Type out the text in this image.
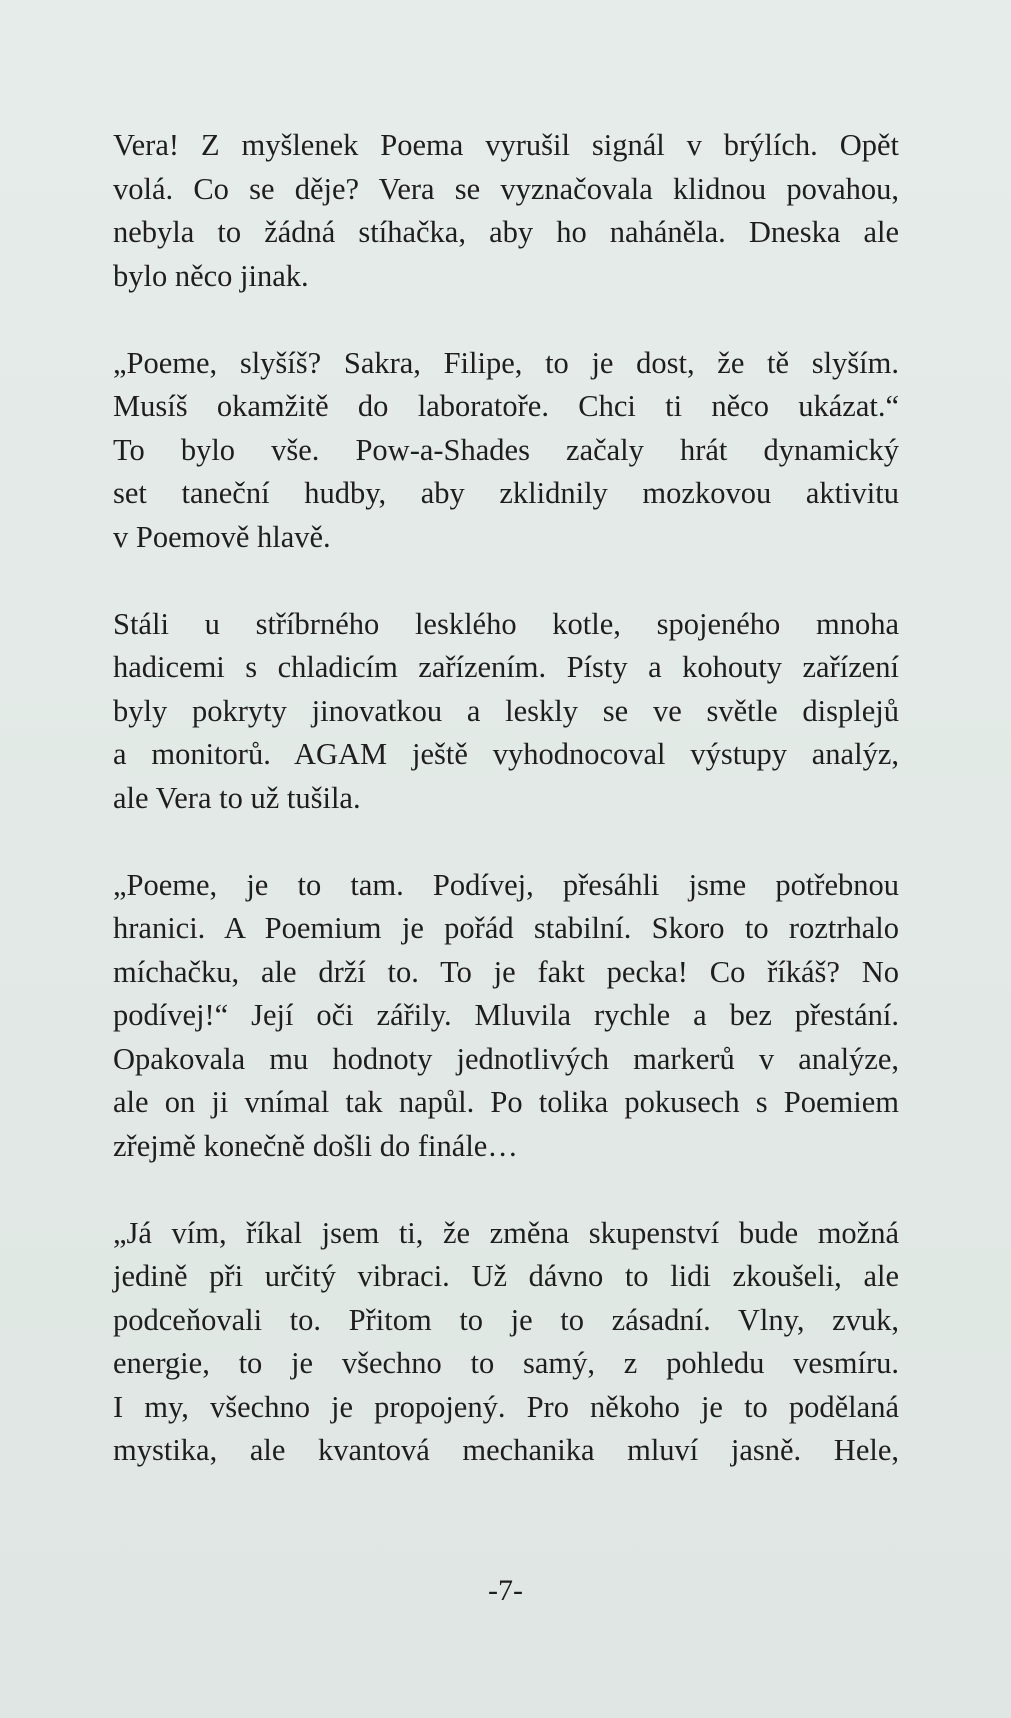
Vera! Z myšlenek Poema vyrušil signál v brýlích. Opět
volá. Co se děje? Vera se vyznačovala klidnou povahou,
nebyla to žádná stíhačka, aby ho naháněla. Dneska ale
bylo něco jinak.
„Poeme, slyšíš? Sakra, Filipe, to je dost, že tě slyším.
Musíš okamžitě do laboratoře. Chci ti něco ukázat.“
To bylo vše. Pow-a-Shades začaly hrát dynamický
set taneční hudby, aby zklidnily mozkovou aktivitu
v Poemově hlavě.
Stáli u stříbrného lesklého kotle, spojeného mnoha
hadicemi s chladicím zařízením. Písty a kohouty zařízení
byly pokryty jinovatkou a leskly se ve světle displejů
a monitorů. AGAM ještě vyhodnocoval výstupy analýz,
ale Vera to už tušila.
„Poeme, je to tam. Podívej, přesáhli jsme potřebnou
hranici. A Poemium je pořád stabilní. Skoro to roztrhalo
míchačku, ale drží to. To je fakt pecka! Co říkáš? No
podívej!“ Její oči zářily. Mluvila rychle a bez přestání.
Opakovala mu hodnoty jednotlivých markerů v analýze,
ale on ji vnímal tak napůl. Po tolika pokusech s Poemiem
zřejmě konečně došli do finále…
„Já vím, říkal jsem ti, že změna skupenství bude možná
jedině při určitý vibraci. Už dávno to lidi zkoušeli, ale
podceňovali to. Přitom to je to zásadní. Vlny, zvuk,
energie, to je všechno to samý, z pohledu vesmíru.
I my, všechno je propojený. Pro někoho je to podělaná
mystika, ale kvantová mechanika mluví jasně. Hele,
-7-
